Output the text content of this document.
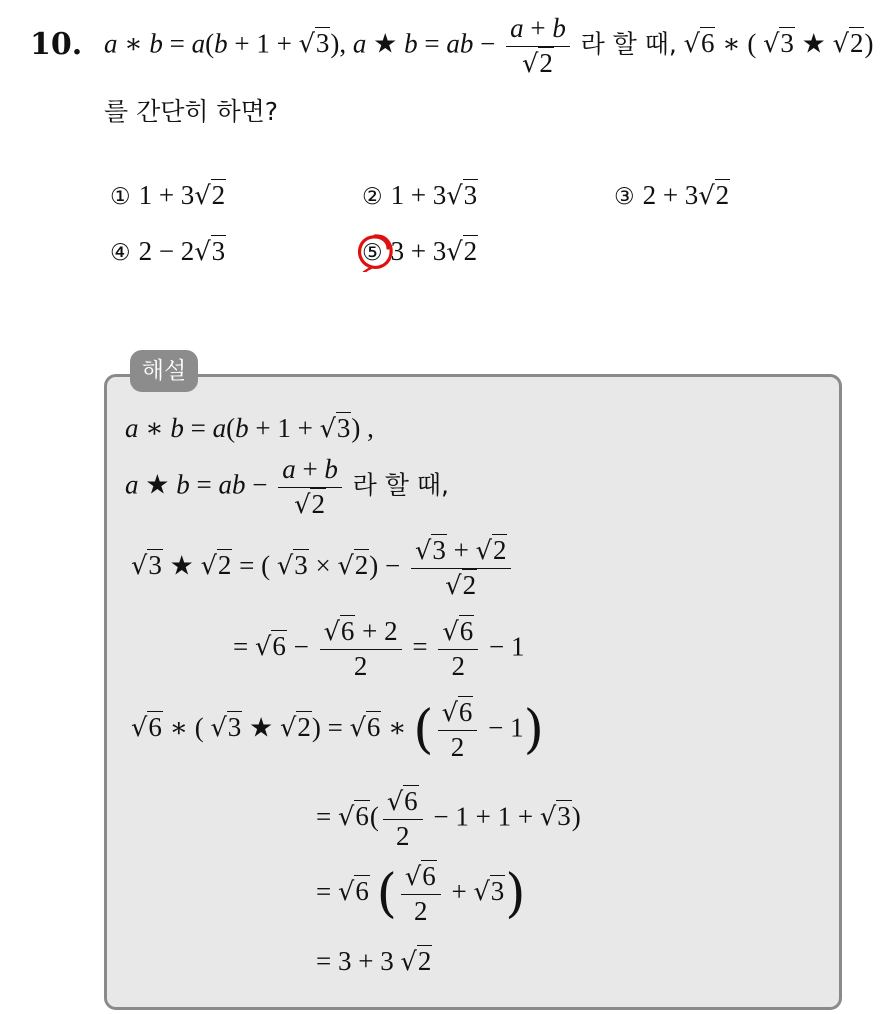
10. a ∗ b = a(b + 1 + √3), a ★ b = ab − $\frac{a + b}{√2}$ 라 할 때, √6 ∗ ( √3 ★ √2)
를 간단히 하면?
① 1 + 3√2	② 1 + 3√3	③ 2 + 3√2
④ 2 − 2√3	⑤ 3 + 3√2
해설
a ∗ b = a(b + 1 + √3) ,
a ★ b = ab − $\frac{a + b}{√2}$ 라 할 때,
√3 ★ √2 = ( $√3 \times √2) - \frac{√3 + √2}{√2}$
= $√6 - \frac{√6 + 2}{2} = \frac{√6}{2} - 1$
√6 ∗ ( √3 ★ √2) = √6 ∗ ( $\frac{√6}{2} - 1$)
= $√6( \frac{√6}{2} - 1 + 1 + √3)$
= √6 ( $\frac{√6}{2} + √3$)
= 3 + 3 √2
